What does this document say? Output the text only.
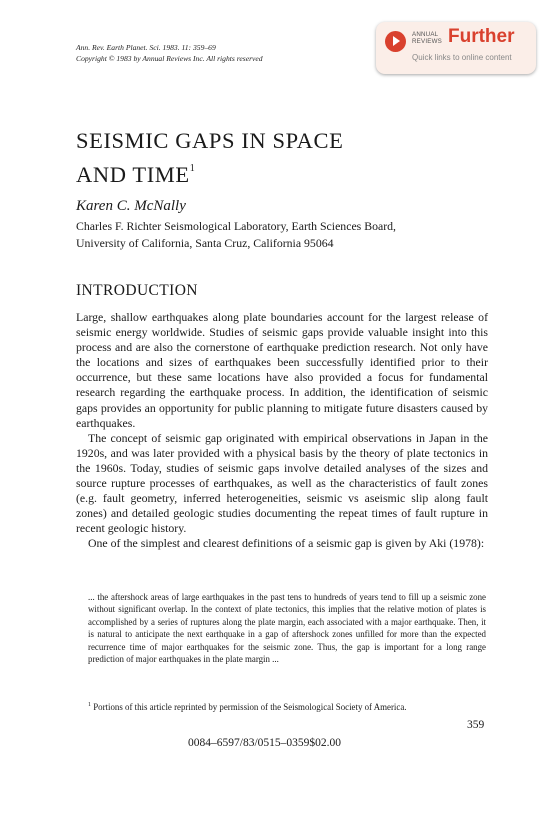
Ann. Rev. Earth Planet. Sci. 1983. 11: 359–69
Copyright © 1983 by Annual Reviews Inc. All rights reserved
ANNUAL
REVIEWS Further
Quick links to online content
SEISMIC GAPS IN SPACE
AND TIME$^1$
Karen C. McNally
Charles F. Richter Seismological Laboratory, Earth Sciences Board,
University of California, Santa Cruz, California 95064
INTRODUCTION

Large, shallow earthquakes along plate boundaries account for the largest release of seismic energy worldwide. Studies of seismic gaps provide valuable insight into this process and are also the cornerstone of earthquake prediction research. Not only have the locations and sizes of earthquakes been successfully identified prior to their occurrence, but these same locations have also provided a focus for fundamental research regarding the earthquake process. In addition, the identification of seismic gaps provides an opportunity for public planning to mitigate future disasters caused by earthquakes.

The concept of seismic gap originated with empirical observations in Japan in the 1920s, and was later provided with a physical basis by the theory of plate tectonics in the 1960s. Today, studies of seismic gaps involve detailed analyses of the sizes and source rupture processes of earthquakes, as well as the characteristics of fault zones (e.g. fault geometry, inferred heterogeneities, seismic vs aseismic slip along fault zones) and detailed geologic studies documenting the repeat times of fault rupture in recent geologic history.

One of the simplest and clearest definitions of a seismic gap is given by Aki (1978):

... the aftershock areas of large earthquakes in the past tens to hundreds of years tend to fill up a seismic zone without significant overlap. In the context of plate tectonics, this implies that the relative motion of plates is accomplished by a series of ruptures along the plate margin, each associated with a major earthquake. Then, it is natural to anticipate the next earthquake in a gap of aftershock zones unfilled for more than the expected recurrence time of major earthquakes for the seismic zone. Thus, the gap is important for a long range prediction of major earthquakes in the plate margin ...
$^1$ Portions of this article reprinted by permission of the Seismological Society of America.
359
0084–6597/83/0515–0359$02.00
